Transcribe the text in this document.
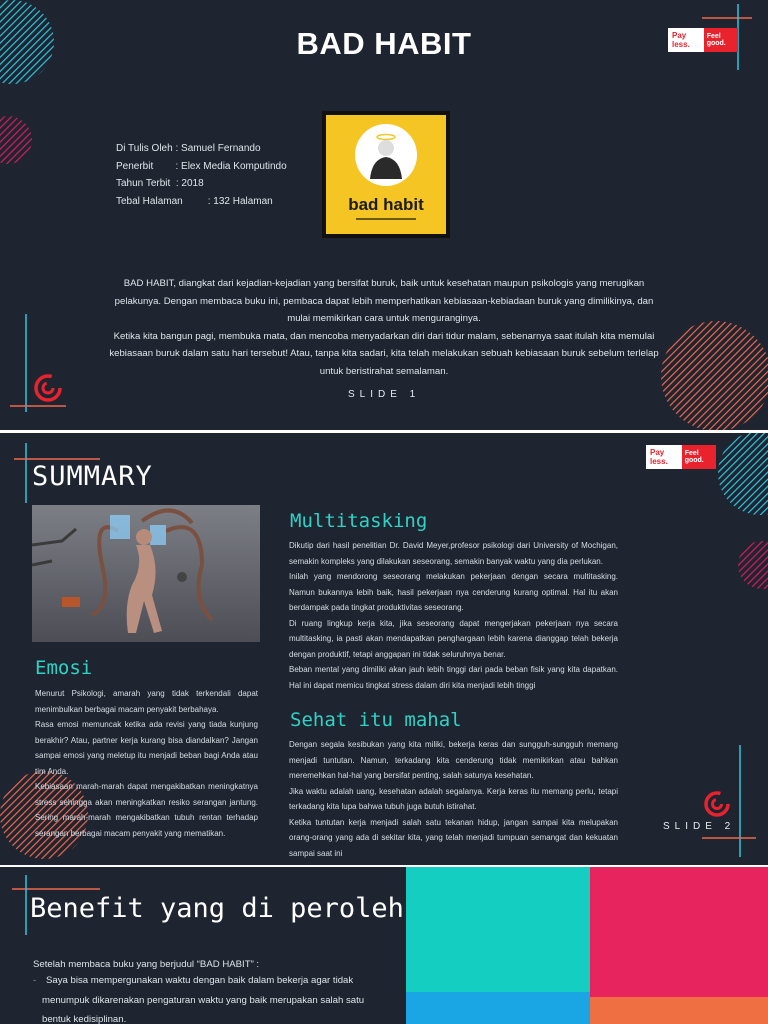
BAD HABIT	Pay less.
Feel good.
Di Tulis Oleh : Samuel Fernando
Penerbit        : Elex Media Komputindo
Tahun Terbit  : 2018
Tebal Halaman         : 132 Halaman	bad habit
BAD HABIT, diangkat dari kejadian-kejadian yang bersifat buruk, baik untuk kesehatan maupun psikologis yang merugikan
pelakunya. Dengan membaca buku ini, pembaca dapat lebih memperhatikan kebiasaan-kebiadaan buruk yang dimilikinya, dan
mulai memikirkan cara untuk menguranginya.
Ketika kita bangun pagi, membuka mata, dan mencoba menyadarkan diri dari tidur malam, sebenarnya saat itulah kita memulai
kebiasaan buruk dalam satu hari tersebut! Atau, tanpa kita sadari, kita telah melakukan sebuah kebiasaan buruk sebelum terlelap
untuk beristirahat semalaman.
SLIDE 1
SUMMARY
Pay less.
Feel good.
Multitasking

Dikutip dari hasil penelitian Dr. David Meyer,profesor psikologi dari University of Mochigan, semakin kompleks yang dilakukan seseorang, semakin banyak waktu yang dia perlukan.

Inilah yang mendorong seseorang melakukan pekerjaan dengan secara multitasking. Namun bukannya lebih baik, hasil pekerjaan nya cenderung kurang optimal. Hal itu akan berdampak pada tingkat produktivitas seseorang.

Di ruang lingkup kerja kita, jika seseorang dapat mengerjakan pekerjaan nya secara multitasking, ia pasti akan mendapatkan penghargaan lebih karena dianggap telah bekerja dengan produktif, tetapi anggapan ini tidak seluruhnya benar.

Beban mental yang dimiliki akan jauh lebih tinggi dari pada beban fisik yang kita dapatkan. Hal ini dapat memicu tingkat stress dalam diri kita menjadi lebih tinggi

Emosi

Menurut Psikologi, amarah yang tidak terkendali dapat menimbulkan berbagai macam penyakit berbahaya.

Rasa emosi memuncak ketika ada revisi yang tiada kunjung berakhir? Atau, partner kerja kurang bisa diandalkan? Jangan sampai emosi yang meletup itu menjadi beban bagi Anda atau tim Anda.

Kebiasaan marah-marah dapat mengakibatkan meningkatnya stress sehingga akan meningkatkan resiko serangan jantung. Sering marah-marah mengakibatkan tubuh rentan terhadap serangan berbagai macam penyakit yang mematikan.

Sehat itu mahal

Dengan segala kesibukan yang kita miliki, bekerja keras dan sungguh-sungguh memang menjadi tuntutan. Namun, terkadang kita cenderung tidak memikirkan atau bahkan meremehkan hal-hal yang bersifat penting, salah satunya kesehatan.

Jika waktu adalah uang, kesehatan adalah segalanya. Kerja keras itu memang perlu, tetapi terkadang kita lupa bahwa tubuh juga butuh istirahat.

Ketika tuntutan kerja menjadi salah satu tekanan hidup, jangan sampai kita melupakan orang-orang yang ada di sekitar kita, yang telah menjadi tumpuan semangat dan kekuatan sampai saat ini

SLIDE 2
Benefit yang di peroleh
Setelah membaca buku yang berjudul “BAD HABIT” :
-	Saya bisa mempergunakan waktu dengan baik dalam bekerja agar tidak
menumpuk dikarenakan pengaturan waktu yang baik merupakan salah satu
bentuk kedisiplinan.
